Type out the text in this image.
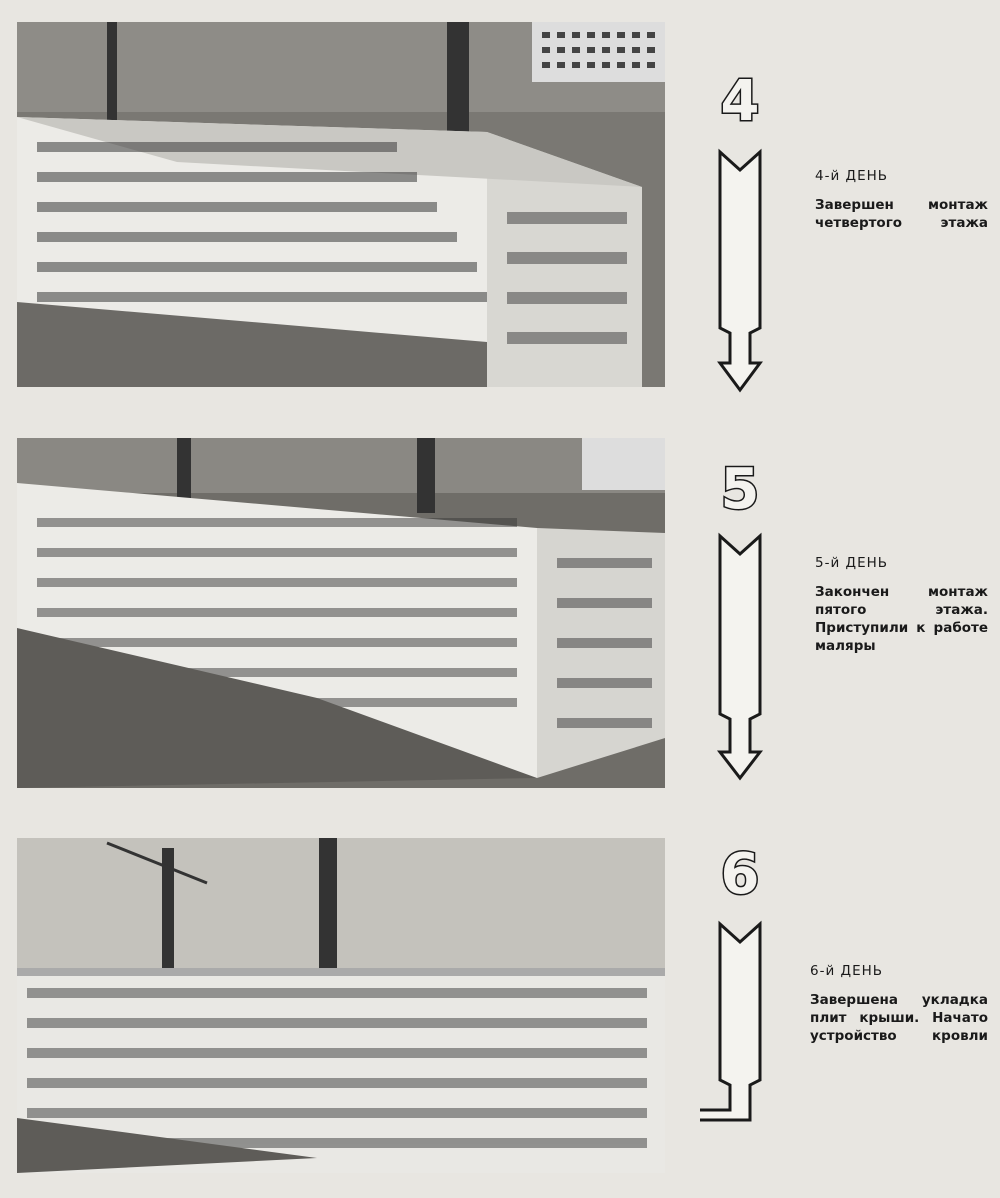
4
4-й ДЕНЬ
Завершен монтаж четвертого этажа
5
5-й ДЕНЬ
Закончен монтаж пятого этажа. Приступили к работе маляры
6
6-й ДЕНЬ
Завершена укладка плит крыши. Начато устройство кровли
